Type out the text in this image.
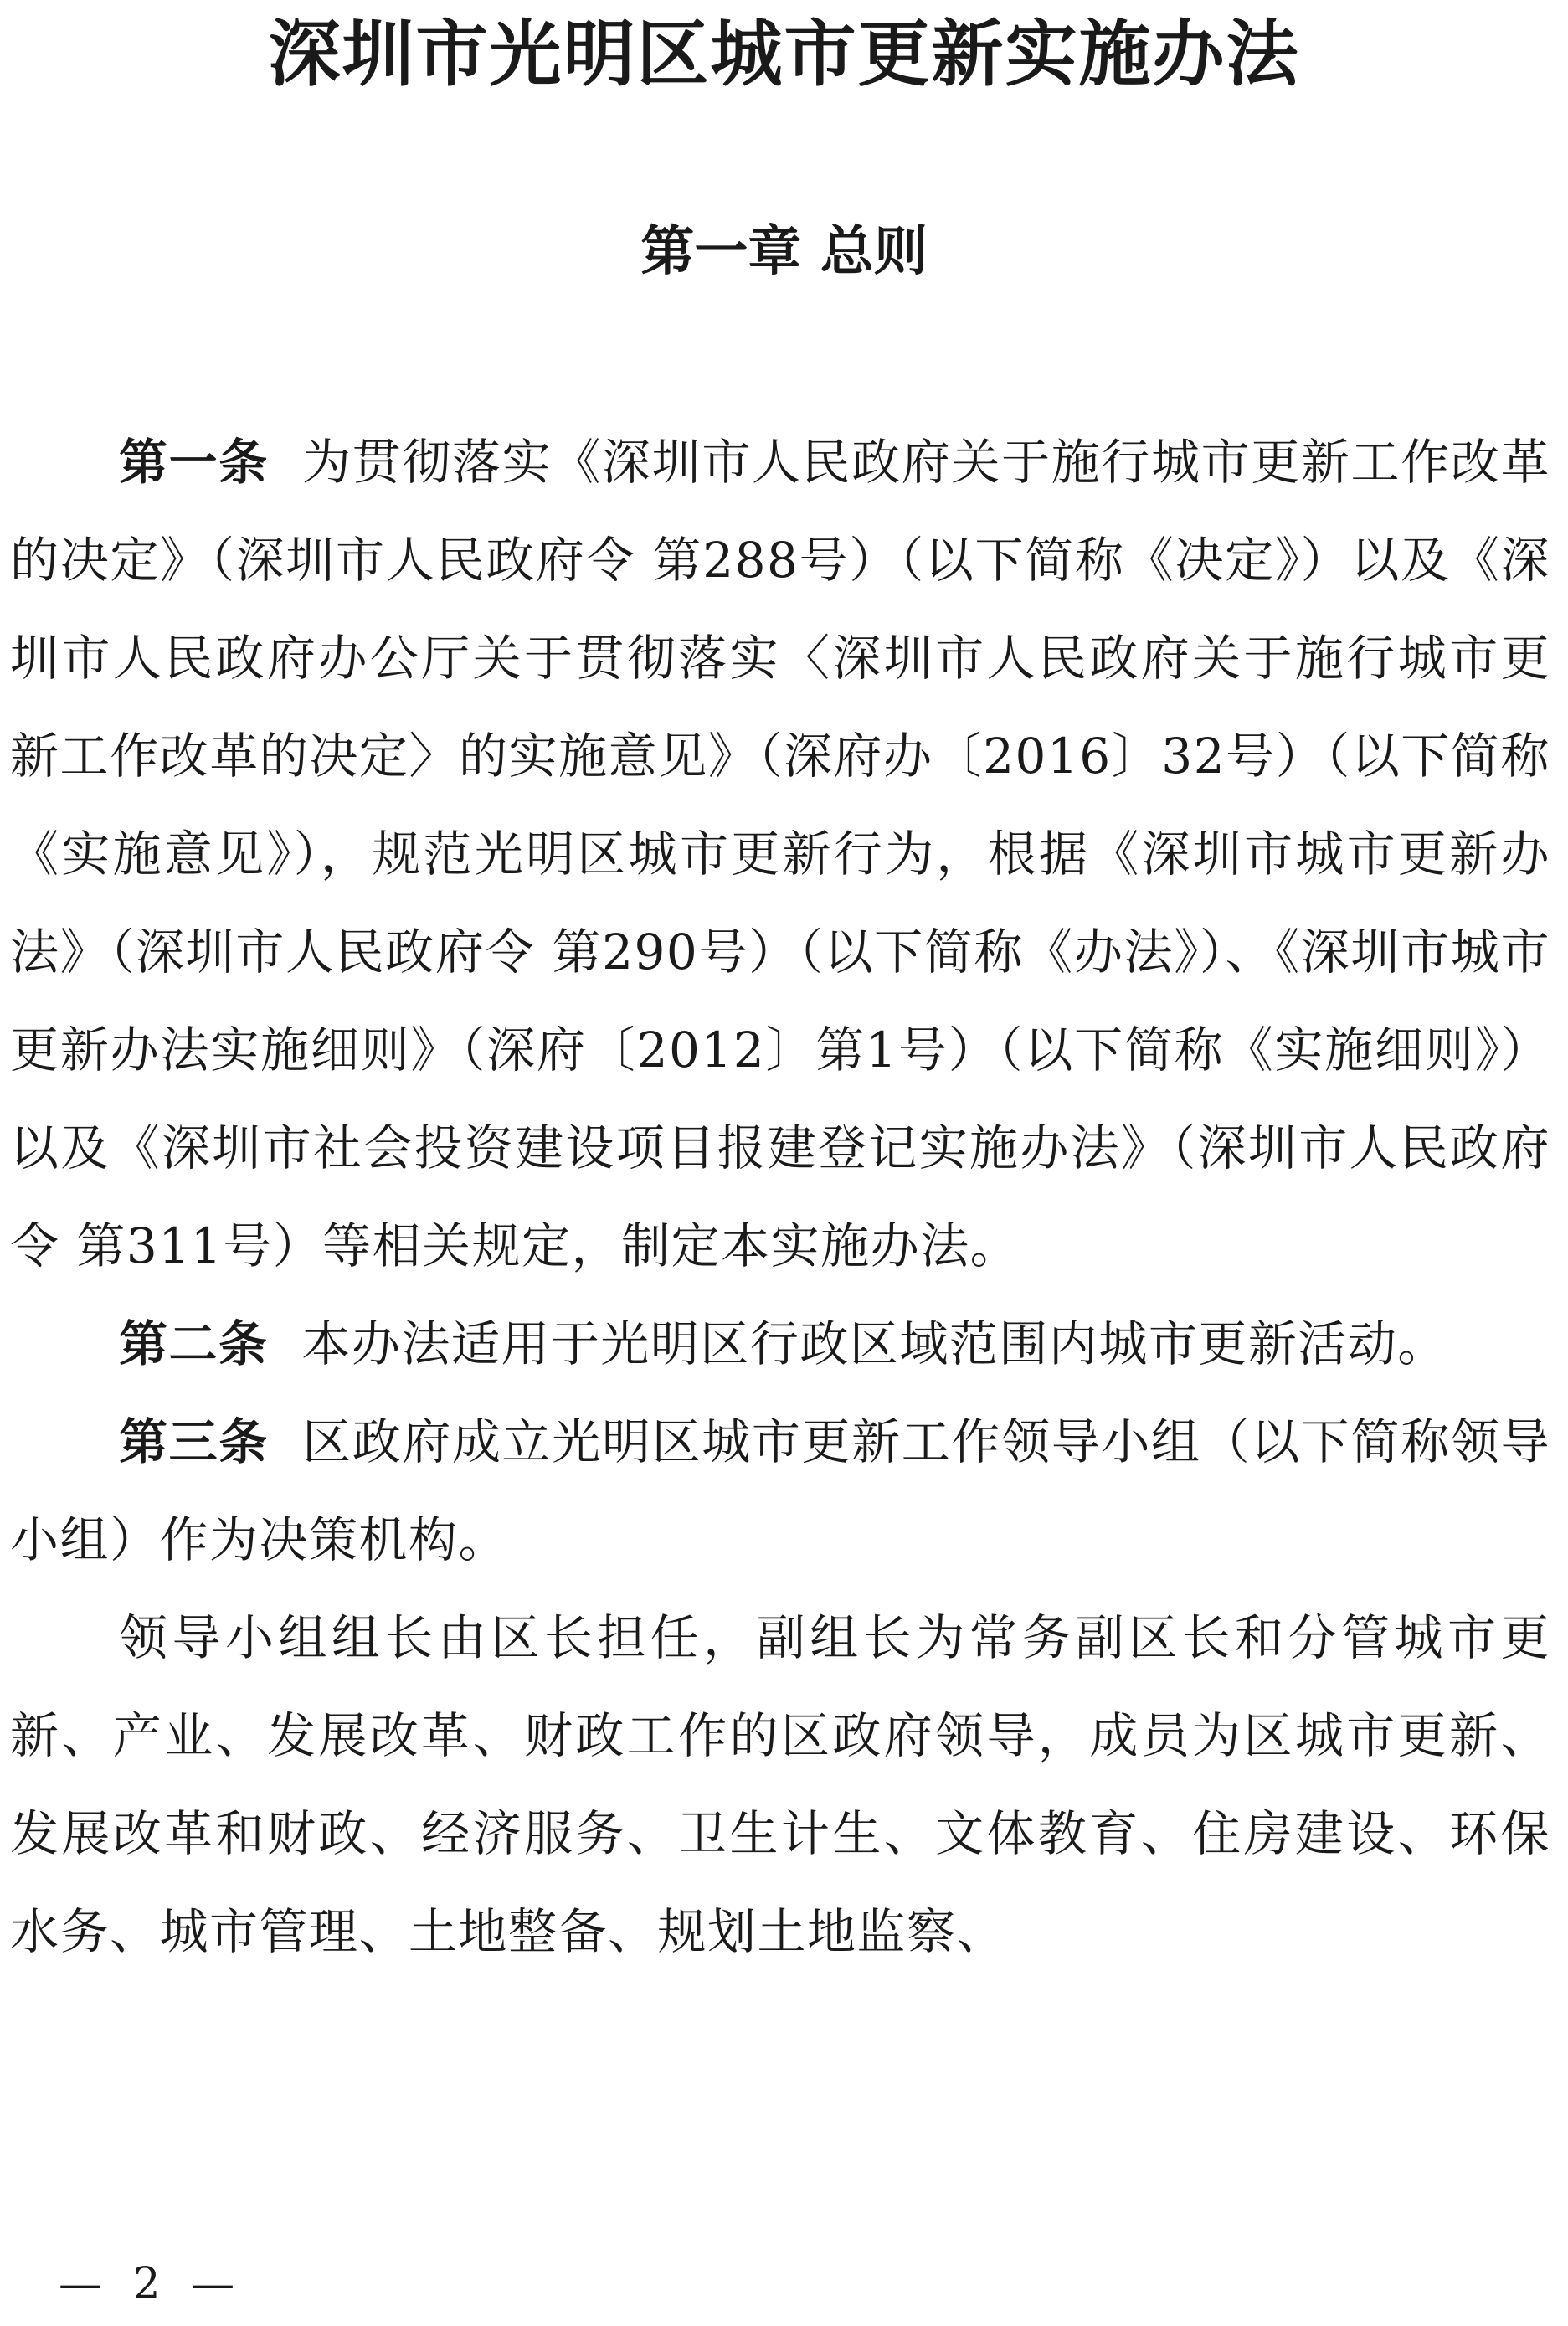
深圳市光明区城市更新实施办法
第一章 总则

第一条 为贯彻落实《深圳市人民政府关于施行城市更新工作改革的决定》（深圳市人民政府令 第288号）（以下简称《决定》）以及《深圳市人民政府办公厅关于贯彻落实〈深圳市人民政府关于施行城市更新工作改革的决定〉的实施意见》（深府办〔2016〕32号）（以下简称《实施意见》），规范光明区城市更新行为，根据《深圳市城市更新办法》（深圳市人民政府令 第290号）（以下简称《办法》）、《深圳市城市更新办法实施细则》（深府〔2012〕第1号）（以下简称《实施细则》）以及《深圳市社会投资建设项目报建登记实施办法》（深圳市人民政府令 第311号）等相关规定，制定本实施办法。

第二条 本办法适用于光明区行政区域范围内城市更新活动。

第三条 区政府成立光明区城市更新工作领导小组（以下简称领导小组）作为决策机构。

领导小组组长由区长担任，副组长为常务副区长和分管城市更新、产业、发展改革、财政工作的区政府领导，成员为区城市更新、发展改革和财政、经济服务、卫生计生、文体教育、住房建设、环保水务、城市管理、土地整备、规划土地监察、

— 2 —
